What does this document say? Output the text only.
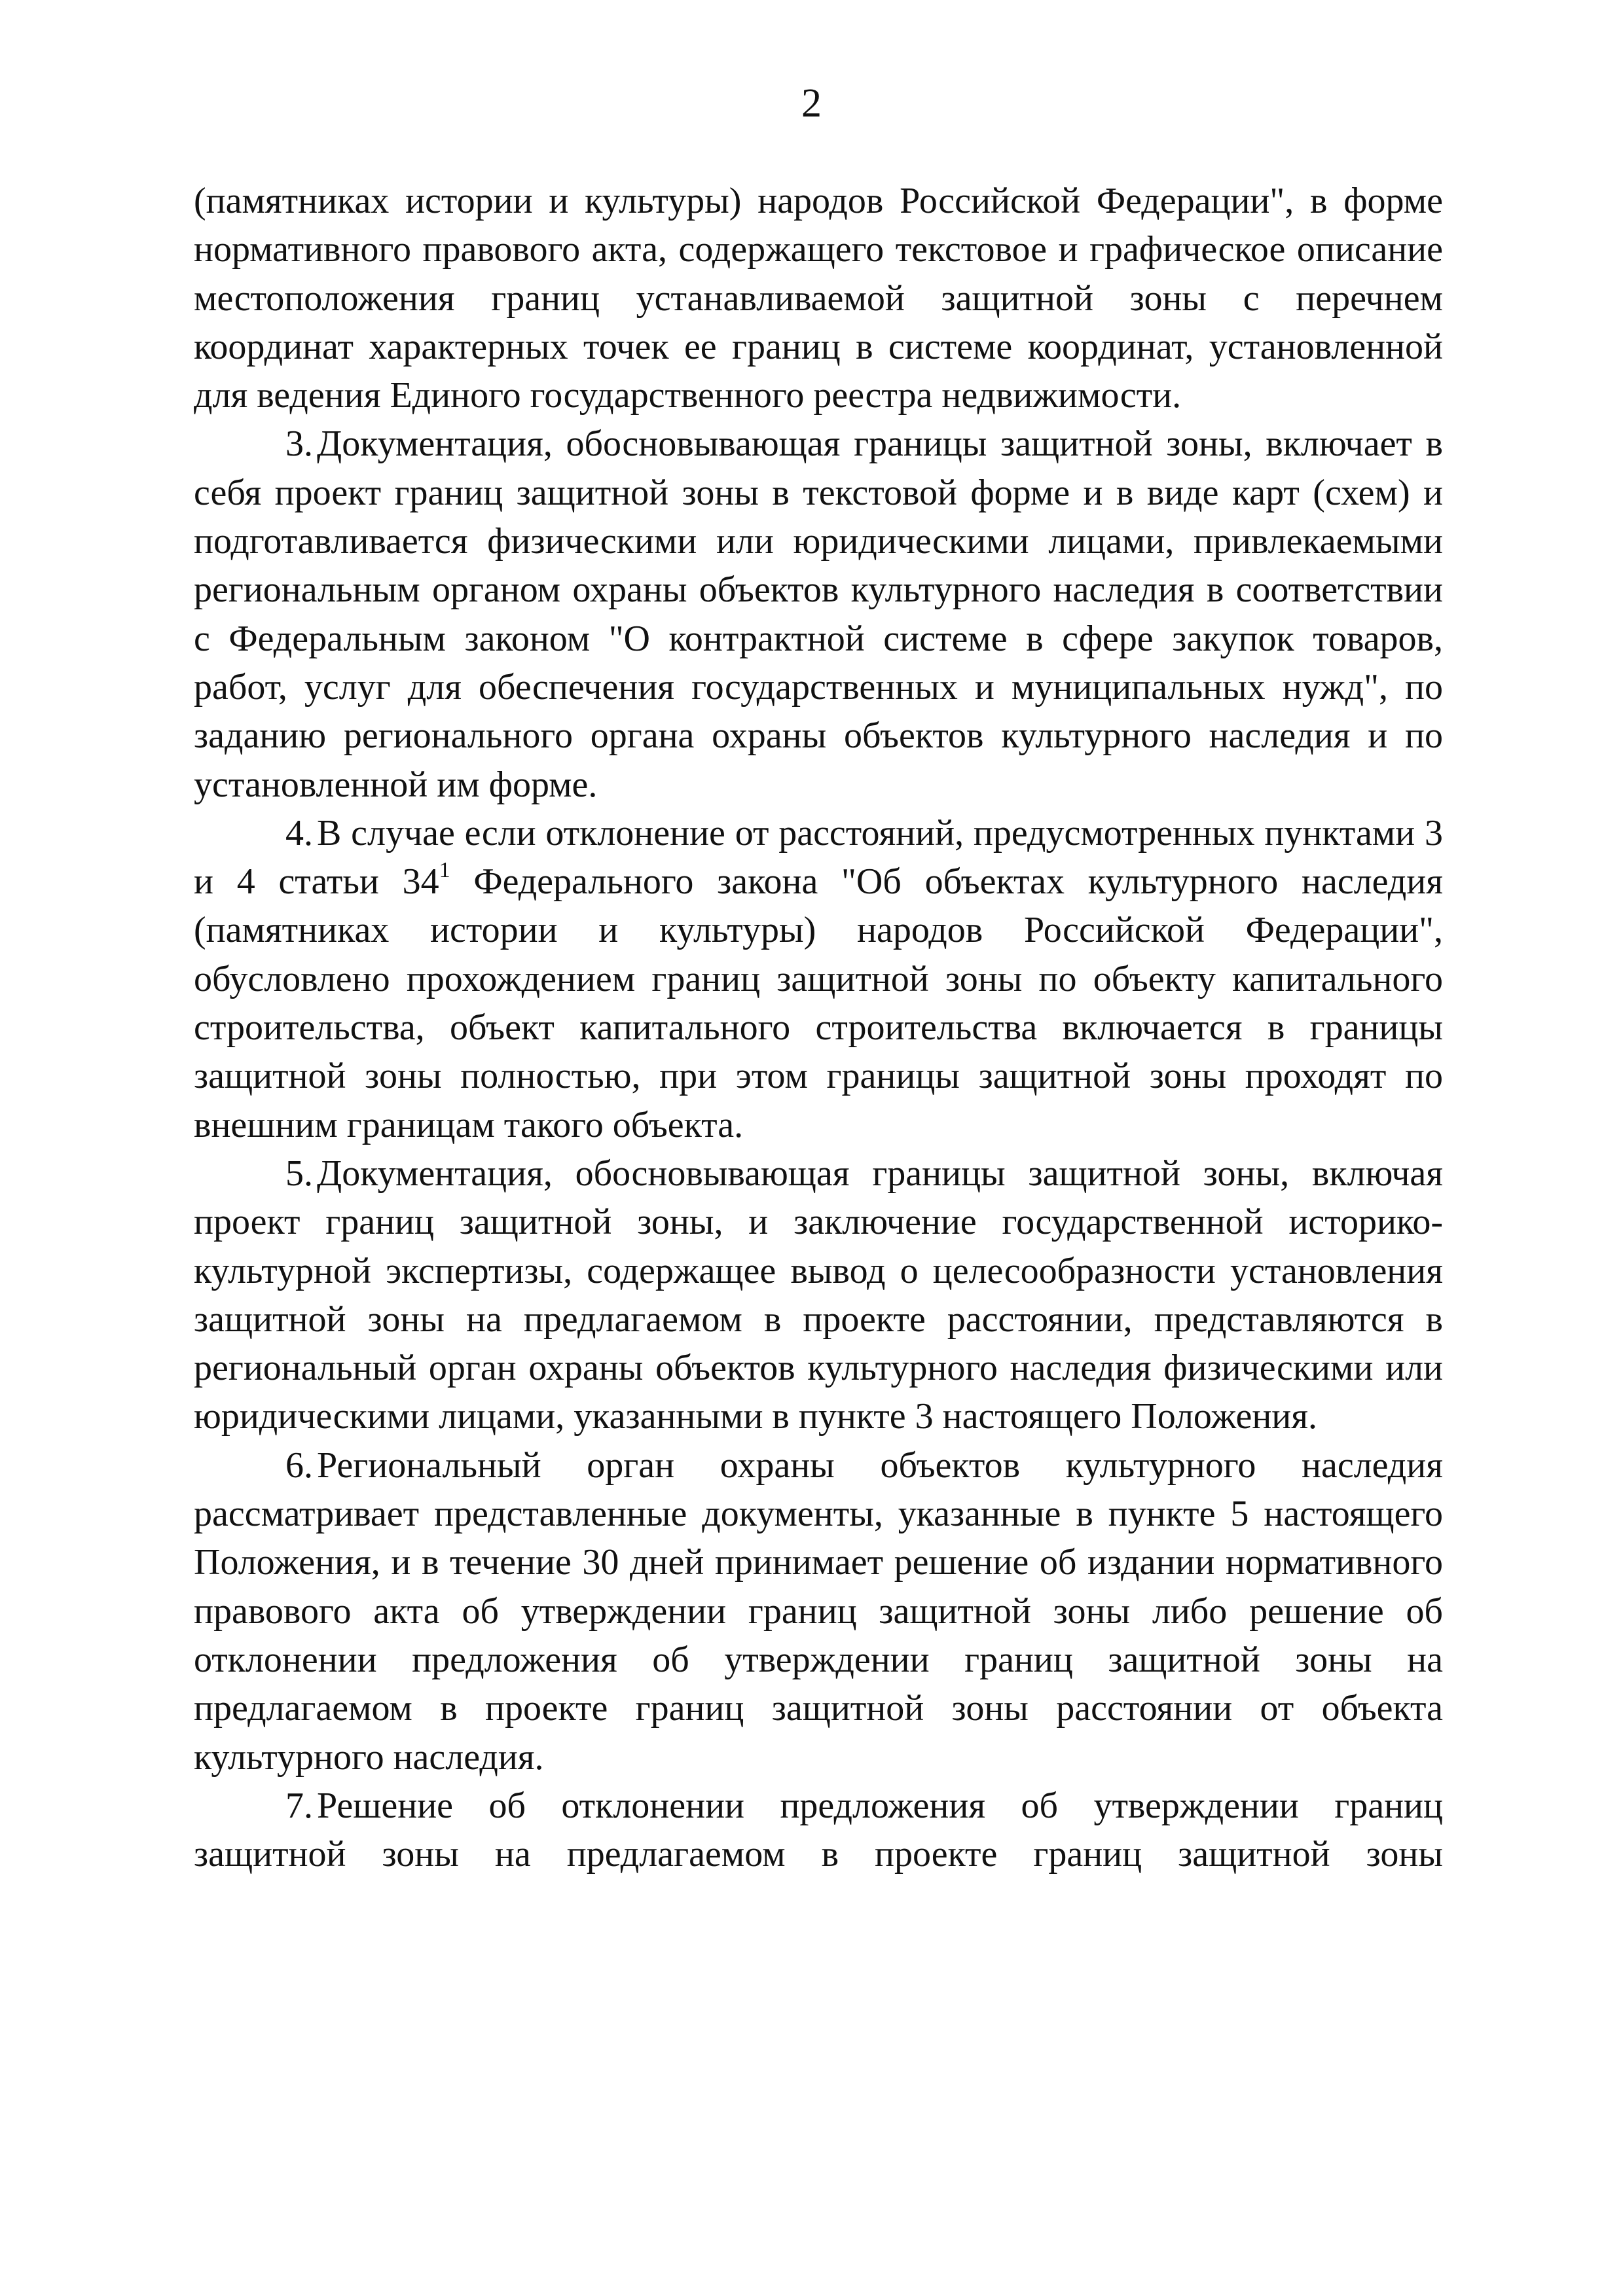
2

(памятниках истории и культуры) народов Российской Федерации", в форме нормативного правового акта, содержащего текстовое и графическое описание местоположения границ устанавливаемой защитной зоны с перечнем координат характерных точек ее границ в системе координат, установленной для ведения Единого государственного реестра недвижимости.

3. Документация, обосновывающая границы защитной зоны, включает в себя проект границ защитной зоны в текстовой форме и в виде карт (схем) и подготавливается физическими или юридическими лицами, привлекаемыми региональным органом охраны объектов культурного наследия в соответствии с Федеральным законом "О контрактной системе в сфере закупок товаров, работ, услуг для обеспечения государственных и муниципальных нужд", по заданию регионального органа охраны объектов культурного наследия и по установленной им форме.

4. В случае если отклонение от расстояний, предусмотренных пунктами 3 и 4 статьи $34^1$ Федерального закона "Об объектах культурного наследия (памятниках истории и культуры) народов Российской Федерации", обусловлено прохождением границ защитной зоны по объекту капитального строительства, объект капитального строительства включается в границы защитной зоны полностью, при этом границы защитной зоны проходят по внешним границам такого объекта.

5. Документация, обосновывающая границы защитной зоны, включая проект границ защитной зоны, и заключение государственной историко-культурной экспертизы, содержащее вывод о целесообразности установления защитной зоны на предлагаемом в проекте расстоянии, представляются в региональный орган охраны объектов культурного наследия физическими или юридическими лицами, указанными в пункте 3 настоящего Положения.

6. Региональный орган охраны объектов культурного наследия рассматривает представленные документы, указанные в пункте 5 настоящего Положения, и в течение 30 дней принимает решение об издании нормативного правового акта об утверждении границ защитной зоны либо решение об отклонении предложения об утверждении границ защитной зоны на предлагаемом в проекте границ защитной зоны расстоянии от объекта культурного наследия.

7. Решение об отклонении предложения об утверждении границ защитной зоны на предлагаемом в проекте границ защитной зоны
